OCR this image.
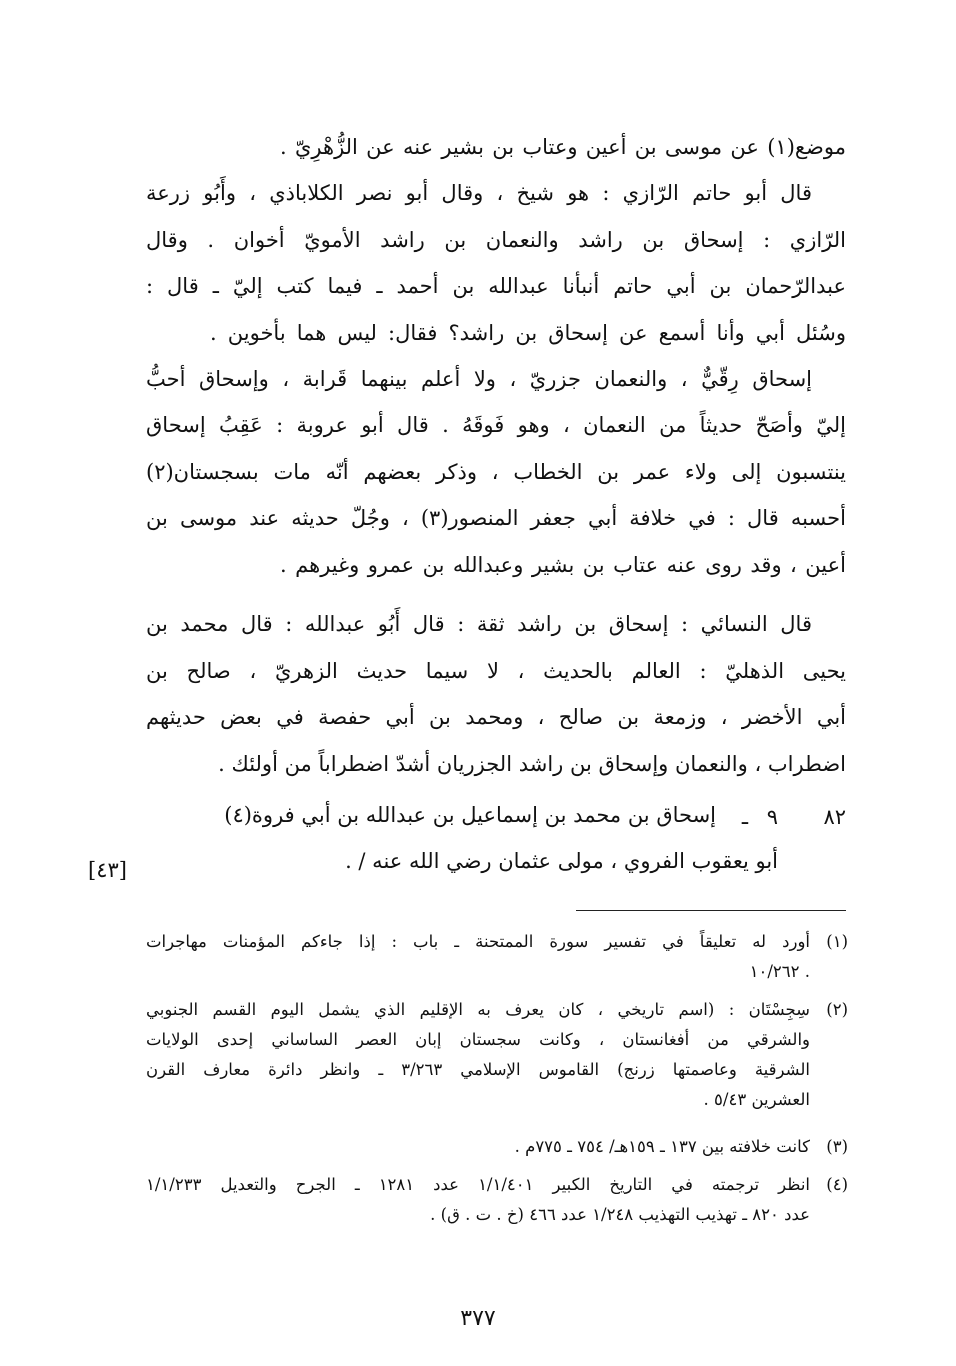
موضع(١) عن موسى بن أعين وعتاب بن بشير عنه عن الزُّهْرِيّ .

قال أبو حاتم الرّازي : هو شيخ ، وقال أبو نصر الكلاباذي ، وأَبُو زرعة

الرّازي : إسحاق بن راشد والنعمان بن راشد الأمويّ أخوان . وقال

عبدالرّحمان بن أبي حاتم أنبأنا عبدالله بن أحمد ـ فيما كتب إليّ ـ قال :

وسُئل أبي وأنا أسمع عن إسحاق بن راشد؟ فقال: ليس هما بأخوين .

إسحاق رِقّيٌّ ، والنعمان جزريّ ، ولا أعلم بينهما قَرابة ، وإسحاق أحبُّ

إليّ وأصَحّ حديثاً من النعمان ، وهو فَوقَهُ . قال أبو عروبة : عَقِبُ إسحاق

ينتسبون إلى ولاء عمر بن الخطاب ، وذكر بعضهم أنّه مات بسجستان(٢)

أحسبه قال : في خلافة أبي جعفر المنصور(٣) ، وجُلّ حديثه عند موسى بن

أعين ، وقد روى عنه عتاب بن بشير وعبدالله بن عمرو وغيرهم .

قال النسائي : إسحاق بن راشد ثقة : قال أَبُو عبدالله : قال محمد بن

يحيى الذهليّ : العالم بالحديث ، لا سيما حديث الزهريّ ، صالح بن

أبي الأخضر ، وزمعة بن صالح ، ومحمد بن أبي حفصة في بعض حديثهم

اضطراب ، والنعمان وإسحاق بن راشد الجزريان أشدّ اضطراباً من أولئك .

٨٢
٩
ـ

إسحاق بن محمد بن إسماعيل بن عبدالله بن أبي فروة(٤)

أبو يعقوب الفروي ، مولى عثمان رضي الله عنه / .

[٤٣]
(١)

أورد له تعليقاً في تفسير سورة الممتحنة ـ باب : إذا جاءكم المؤمنات مهاجرات

١٠/٢٦٢ .

(٢)

سِجِسْتَان : (اسم تاريخي ، كان يعرف به الإقليم الذي يشمل اليوم القسم الجنوبي

والشرقي من أفغانستان ، وكانت سجستان إبان العصر الساساني إحدى الولايات

الشرقية وعاصمتها زرنج) القاموس الإسلامي ٣/٢٦٣ ـ وانظر دائرة معارف القرن

العشرين ٥/٤٣ .

(٣)

كانت خلافته بين ١٣٧ ـ ١٥٩هـ/ ٧٥٤ ـ ٧٧٥م .

(٤)

انظر ترجمته في التاريخ الكبير ١/١/٤٠١ عدد ١٢٨١ ـ الجرح والتعديل ١/١/٢٣٣

عدد ٨٢٠ ـ تهذيب التهذيب ١/٢٤٨ عدد ٤٦٦ (خ . ت . ق) .

٣٧٧
